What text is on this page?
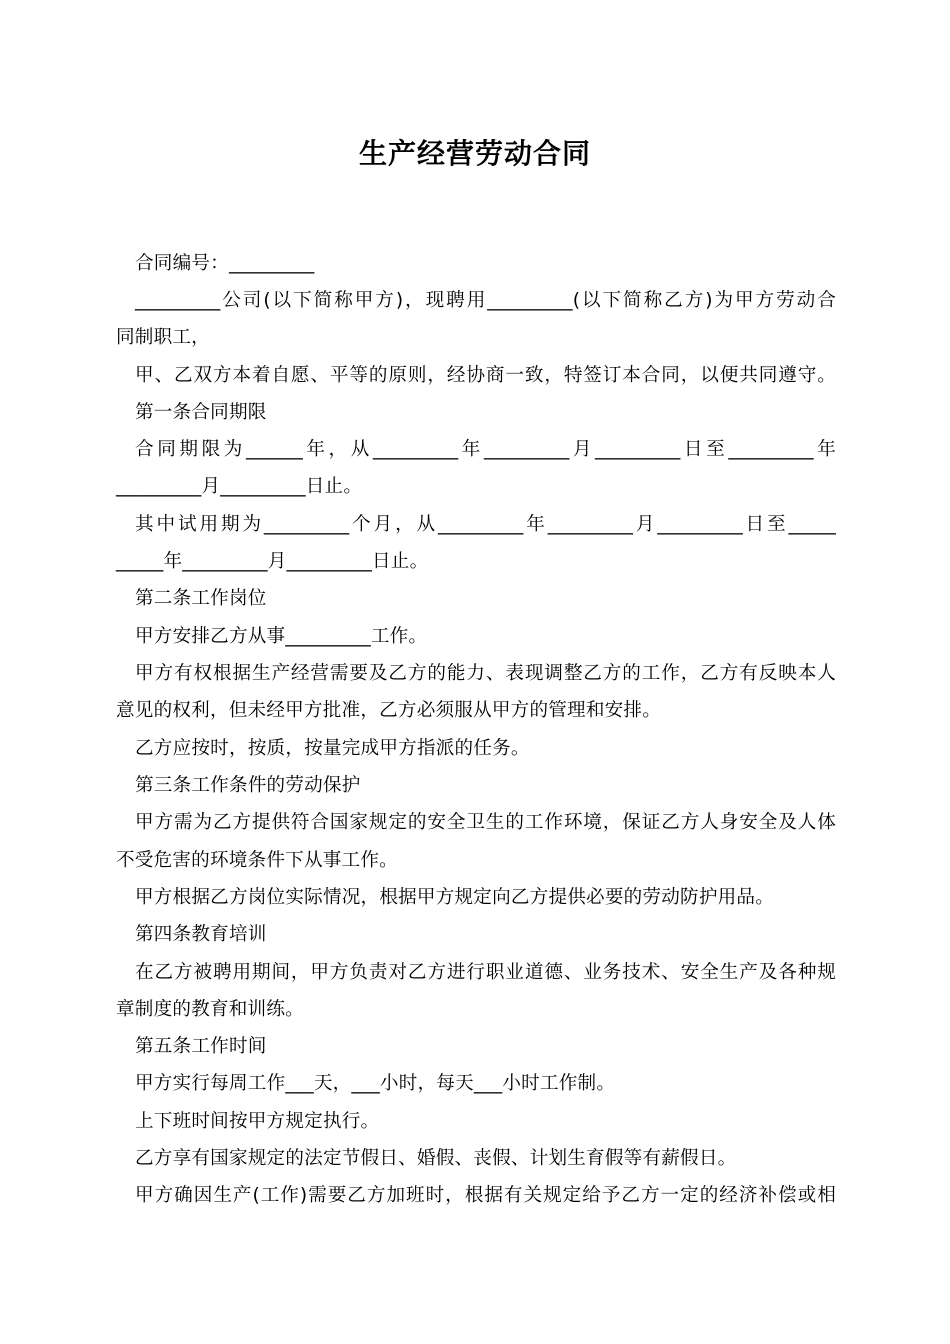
生产经营劳动合同
合同编号：_________
_________公司(以下简称甲方)，现聘用_________(以下简称乙方)为甲方劳动合
同制职工，
甲、乙双方本着自愿、平等的原则，经协商一致，特签订本合同，以便共同遵守。
第一条合同期限
合同期限为______年，从_________年_________月_________日至_________年
_________月_________日止。
其中试用期为_________个月，从_________年_________月_________日至_____
_____年_________月_________日止。
第二条工作岗位
甲方安排乙方从事_________工作。
甲方有权根据生产经营需要及乙方的能力、表现调整乙方的工作，乙方有反映本人
意见的权利，但未经甲方批准，乙方必须服从甲方的管理和安排。
乙方应按时，按质，按量完成甲方指派的任务。
第三条工作条件的劳动保护
甲方需为乙方提供符合国家规定的安全卫生的工作环境，保证乙方人身安全及人体
不受危害的环境条件下从事工作。
甲方根据乙方岗位实际情况，根据甲方规定向乙方提供必要的劳动防护用品。
第四条教育培训
在乙方被聘用期间，甲方负责对乙方进行职业道德、业务技术、安全生产及各种规
章制度的教育和训练。
第五条工作时间
甲方实行每周工作___天，___小时，每天___小时工作制。
上下班时间按甲方规定执行。
乙方享有国家规定的法定节假日、婚假、丧假、计划生育假等有薪假日。
甲方确因生产(工作)需要乙方加班时，根据有关规定给予乙方一定的经济补偿或相
